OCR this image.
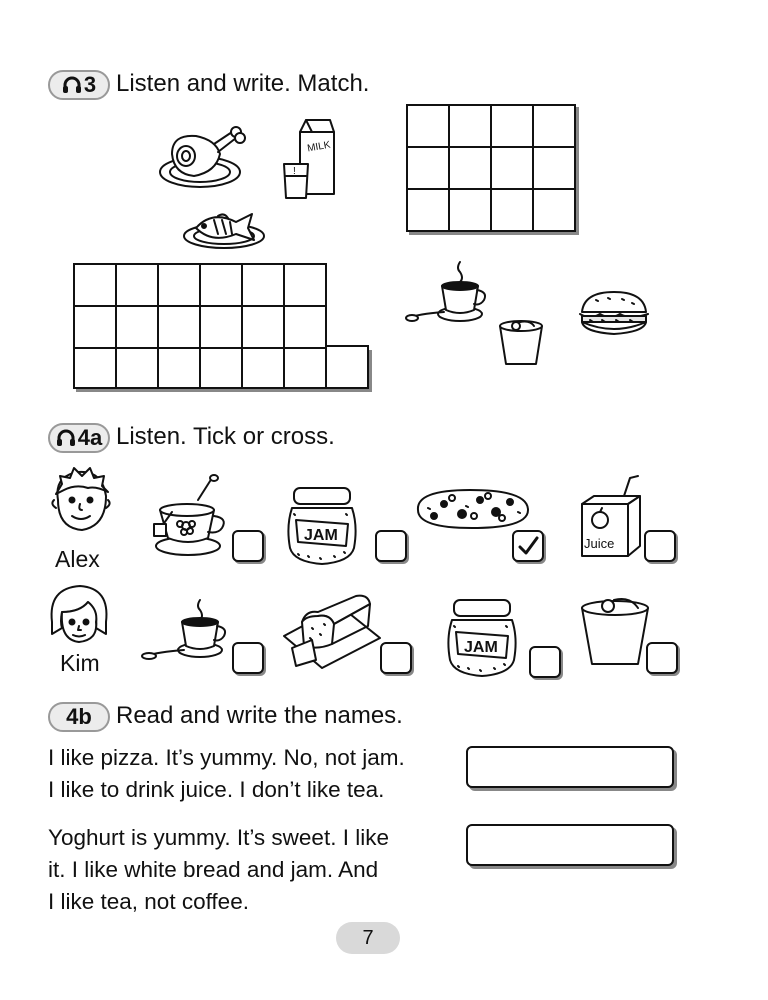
3 Listen and write. Match.
MILK
!
4a Listen. Tick or cross.
Alex
JAM	Juice
Kim
JAM
4b Read and write the names.
I like pizza. It’s yummy. No, not jam.
I like to drink juice. I don’t like tea.
Yoghurt is yummy. It’s sweet. I like
it. I like white bread and jam. And
I like tea, not coffee.
7
